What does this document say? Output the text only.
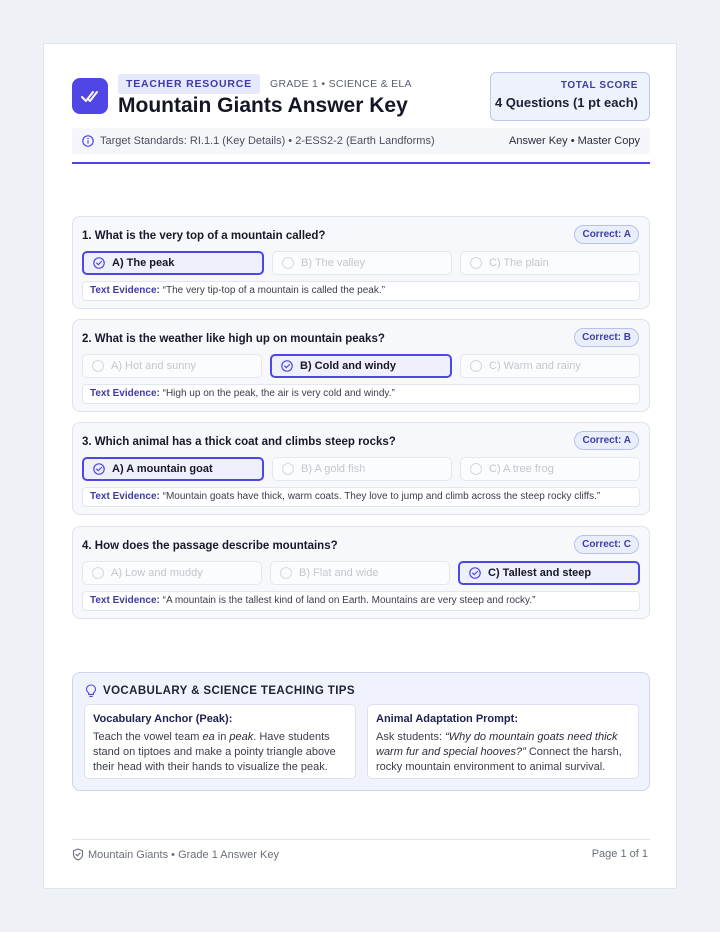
TEACHER RESOURCE	GRADE 1 • SCIENCE & ELA
Mountain Giants Answer Key
TOTAL SCORE
4 Questions (1 pt each)
Target Standards: RI.1.1 (Key Details) • 2-ESS2-2 (Earth Landforms)	Answer Key • Master Copy
1. What is the very top of a mountain called?	Correct: A
A) The peak	B) The valley	C) The plain
Text Evidence: “The very tip-top of a mountain is called the peak.”
2. What is the weather like high up on mountain peaks?	Correct: B
A) Hot and sunny	B) Cold and windy	C) Warm and rainy
Text Evidence: “High up on the peak, the air is very cold and windy.”
3. Which animal has a thick coat and climbs steep rocks?	Correct: A
A) A mountain goat	B) A gold fish	C) A tree frog
Text Evidence: “Mountain goats have thick, warm coats. They love to jump and climb across the steep rocky cliffs.”
4. How does the passage describe mountains?	Correct: C
A) Low and muddy	B) Flat and wide	C) Tallest and steep
Text Evidence: “A mountain is the tallest kind of land on Earth. Mountains are very steep and rocky.”
VOCABULARY & SCIENCE TEACHING TIPS
Vocabulary Anchor (Peak):
Teach the vowel team ea in peak. Have students stand on tiptoes and make a pointy triangle above their head with their hands to visualize the peak.
Animal Adaptation Prompt:
Ask students: “Why do mountain goats need thick warm fur and special hooves?” Connect the harsh, rocky mountain environment to animal survival.
Mountain Giants • Grade 1 Answer Key	Page 1 of 1
